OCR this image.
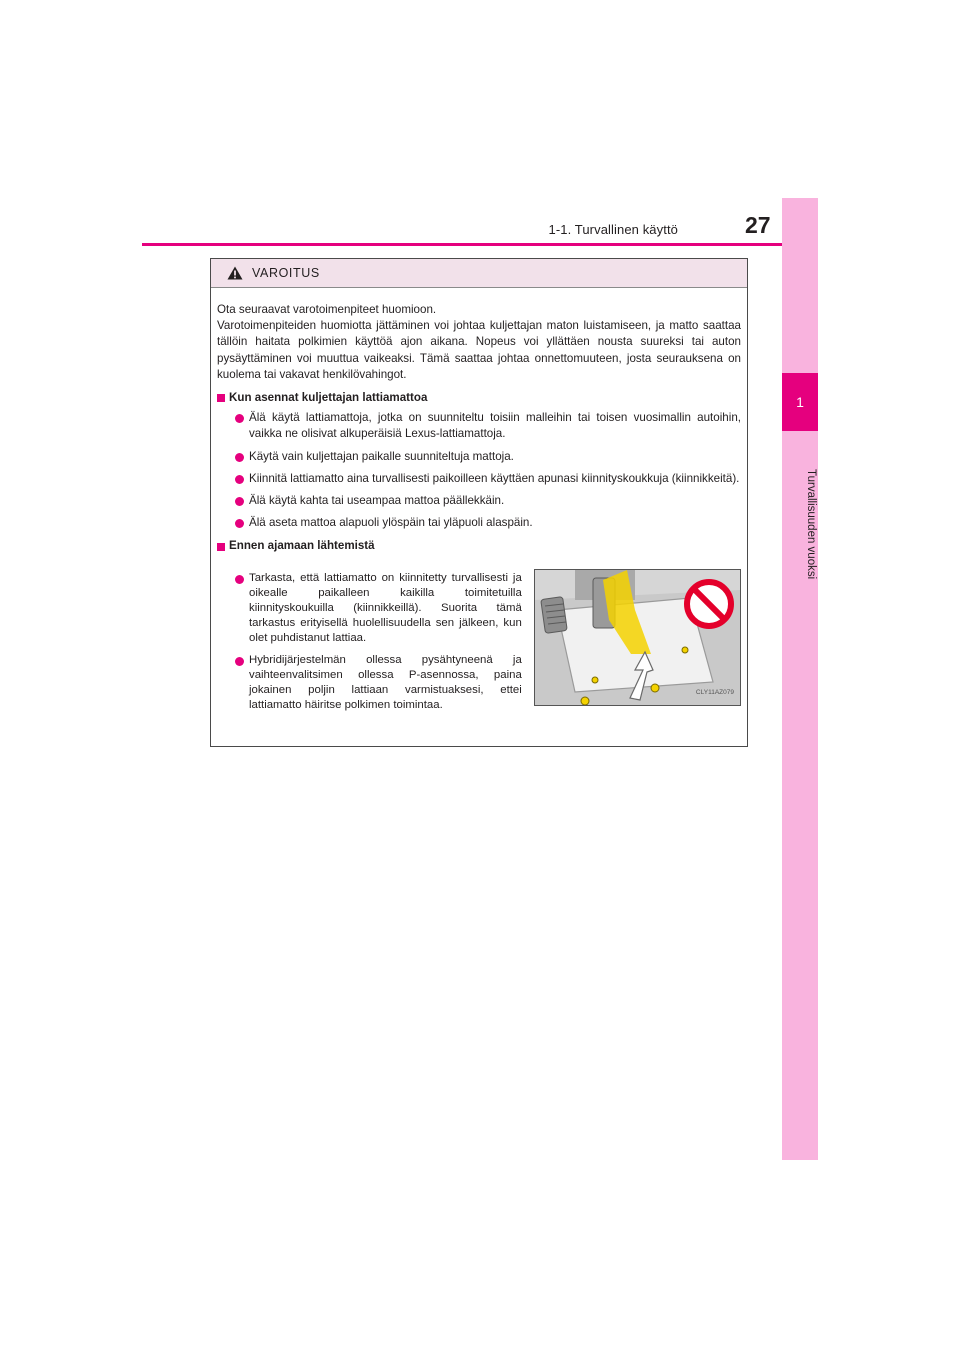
1-1. Turvallinen käyttö	27
1
Turvallisuuden vuoksi
VAROITUS

Ota seuraavat varotoimenpiteet huomioon.

Varotoimenpiteiden huomiotta jättäminen voi johtaa kuljettajan maton luistamiseen, ja matto saattaa tällöin haitata polkimien käyttöä ajon aikana. Nopeus voi yllättäen nousta suureksi tai auton pysäyttäminen voi muuttua vaikeaksi. Tämä saattaa johtaa onnettomuuteen, josta seurauksena on kuolema tai vakavat henkilövahingot.

Kun asennat kuljettajan lattiamattoa
Älä käytä lattiamattoja, jotka on suunniteltu toisiin malleihin tai toisen vuosimallin autoihin, vaikka ne olisivat alkuperäisiä Lexus-lattiamattoja.
Käytä vain kuljettajan paikalle suunniteltuja mattoja.
Kiinnitä lattiamatto aina turvallisesti paikoilleen käyttäen apunasi kiinnityskoukkuja (kiinnikkeitä).
Älä käytä kahta tai useampaa mattoa päällekkäin.
Älä aseta mattoa alapuoli ylöspäin tai yläpuoli alaspäin.
Ennen ajamaan lähtemistä
Tarkasta, että lattiamatto on kiinnitetty turvallisesti ja oikealle paikalleen kaikilla toimitetuilla kiinnityskoukuilla (kiinnikkeillä). Suorita tämä tarkastus erityisellä huolellisuudella sen jälkeen, kun olet puhdistanut lattiaa.
Hybridijärjestelmän ollessa pysähtyneenä ja vaihteenvalitsimen ollessa P-asennossa, paina jokainen poljin lattiaan varmistuaksesi, ettei lattiamatto häiritse polkimen toimintaa.
CLY11AZ079
